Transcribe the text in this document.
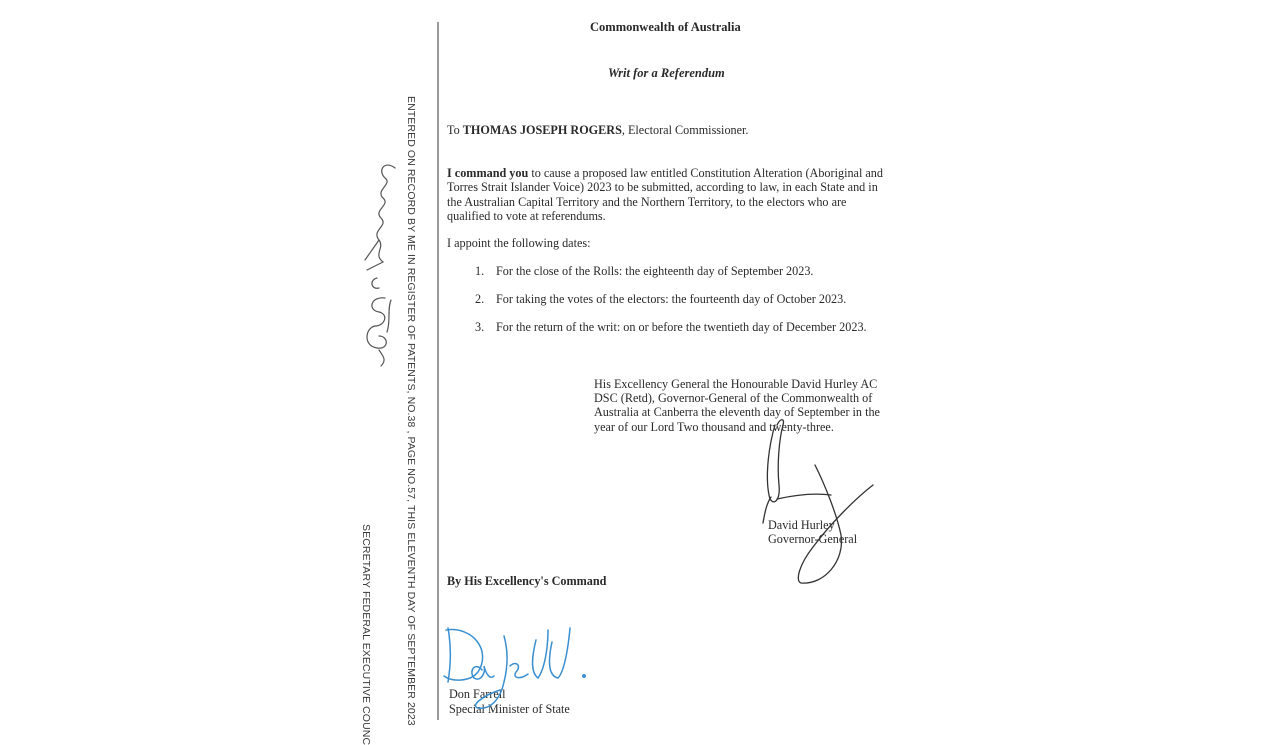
ENTERED ON RECORD BY ME IN REGISTER OF PATENTS, NO.38 , PAGE NO.57, THIS ELEVENTH DAY OF SEPTEMBER 2023
SECRETARY FEDERAL EXECUTIVE COUNC
Commonwealth of Australia
Writ for a Referendum
To THOMAS JOSEPH ROGERS, Electoral Commissioner.
I command you to cause a proposed law entitled Constitution Alteration (Aboriginal and Torres Strait Islander Voice) 2023 to be submitted, according to law, in each State and in the Australian Capital Territory and the Northern Territory, to the electors who are qualified to vote at referendums.
I appoint the following dates:
1. For the close of the Rolls: the eighteenth day of September 2023.
2. For taking the votes of the electors: the fourteenth day of October 2023.
3. For the return of the writ: on or before the twentieth day of December 2023.
His Excellency General the Honourable David Hurley AC DSC (Retd), Governor-General of the Commonwealth of Australia at Canberra the eleventh day of September in the year of our Lord Two thousand and twenty-three.
David Hurley
Governor-General
By His Excellency's Command
Don Farrell
Special Minister of State
